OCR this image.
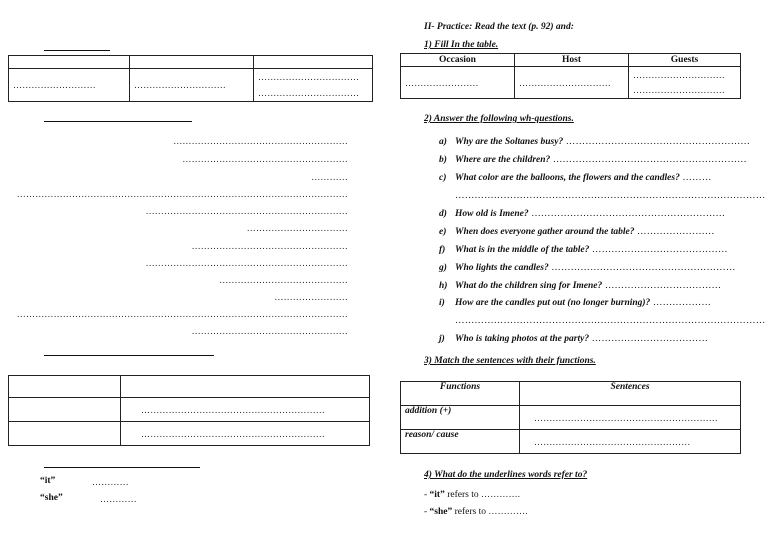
………………………	…………………………	……………………………
……………………………
…………………………………………………
………………………………………………
…………
………………………………………………………………………………………………
…………………………………………………………
……………………………
……………………………………………
…………………………………………………………
……………………………………
……………………
………………………………………………………………………………………………
……………………………………………

	……………………………………………………
	……………………………………………………
“it”	…………
“she”	…………
II- Practice: Read the text (p. 92) and:
1) Fill In the table.
Occasion	Host	Guests
……………………	…………………………	…………………………
…………………………
2) Answer the following wh-questions.
a) Why are the Soltanes busy? …………………………………………………
b) Where are the children? ……………………………………………………
c) What color are the balloons, the flowers and the candles? ………
……………………………………………………………………………………
d) How old is Imene? ……………………………………………………
e) When does everyone gather around the table? ……………………
f) What is in the middle of the table? ……………………………………
g) Who lights the candles? …………………………………………………
h) What do the children sing for Imene? ………………………………
i) How are the candles put out (no longer burning)? ………………
……………………………………………………………………………………
j) Who is taking photos at the party? ………………………………
3) Match the sentences with their functions.
Functions	Sentences
addition (+)	……………………………………………………
reason/ cause	……………………………………………
4) What do the underlines words refer to?
- “it” refers to ………….
- “she” refers to ………….
